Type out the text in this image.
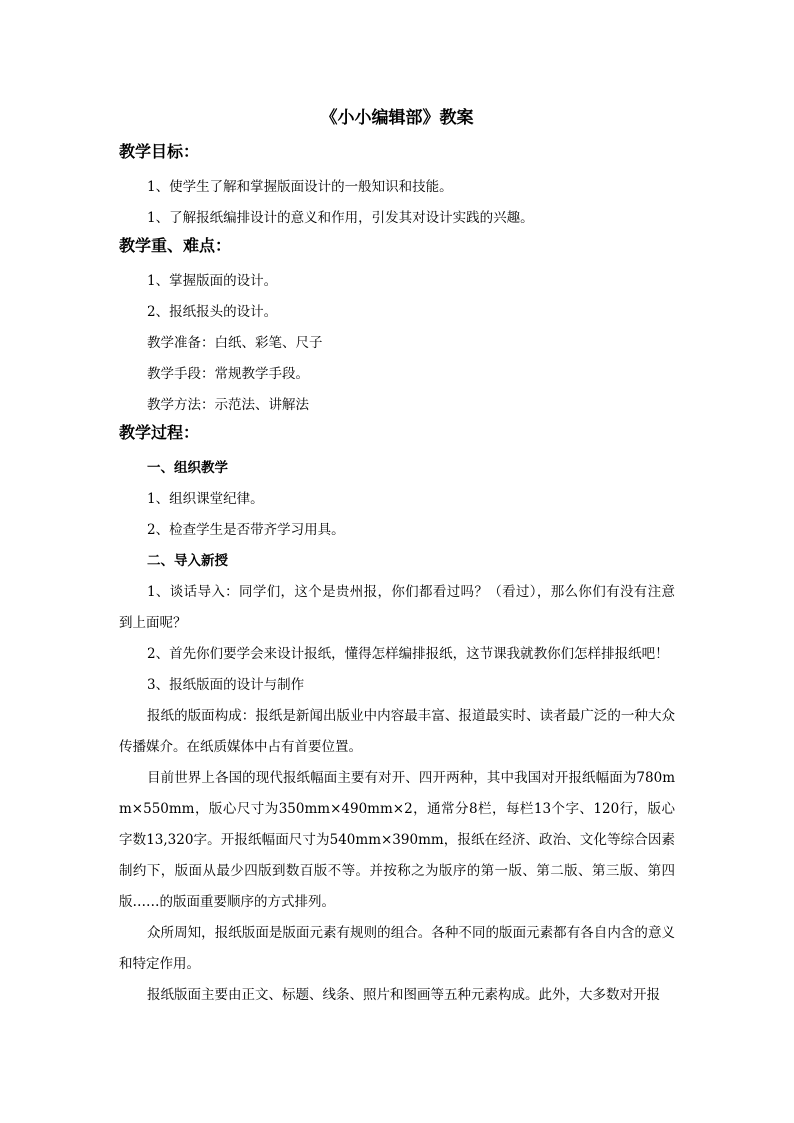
《小小编辑部》教案
教学目标：
1、使学生了解和掌握版面设计的一般知识和技能。
1、了解报纸编排设计的意义和作用，引发其对设计实践的兴趣。
教学重、难点：
1、掌握版面的设计。
2、报纸报头的设计。
教学准备：白纸、彩笔、尺子
教学手段：常规教学手段。
教学方法：示范法、讲解法
教学过程：
一、组织教学
1、组织课堂纪律。
2、检查学生是否带齐学习用具。
二、导入新授
1、谈话导入：同学们，这个是贵州报，你们都看过吗？（看过），那么你们有没有注意到上面呢？
2、首先你们要学会来设计报纸，懂得怎样编排报纸，这节课我就教你们怎样排报纸吧！
3、报纸版面的设计与制作
报纸的版面构成：报纸是新闻出版业中内容最丰富、报道最实时、读者最广泛的一种大众传播媒介。在纸质媒体中占有首要位置。
目前世界上各国的现代报纸幅面主要有对开、四开两种，其中我国对开报纸幅面为780mm×550mm，版心尺寸为350mm×490mm×2，通常分8栏，每栏13个字、120行，版心字数13,320字。开报纸幅面尺寸为540mm×390mm，报纸在经济、政治、文化等综合因素制约下，版面从最少四版到数百版不等。并按称之为版序的第一版、第二版、第三版、第四版……的版面重要顺序的方式排列。
众所周知，报纸版面是版面元素有规则的组合。各种不同的版面元素都有各自内含的意义和特定作用。
报纸版面主要由正文、标题、线条、照片和图画等五种元素构成。此外，大多数对开报
